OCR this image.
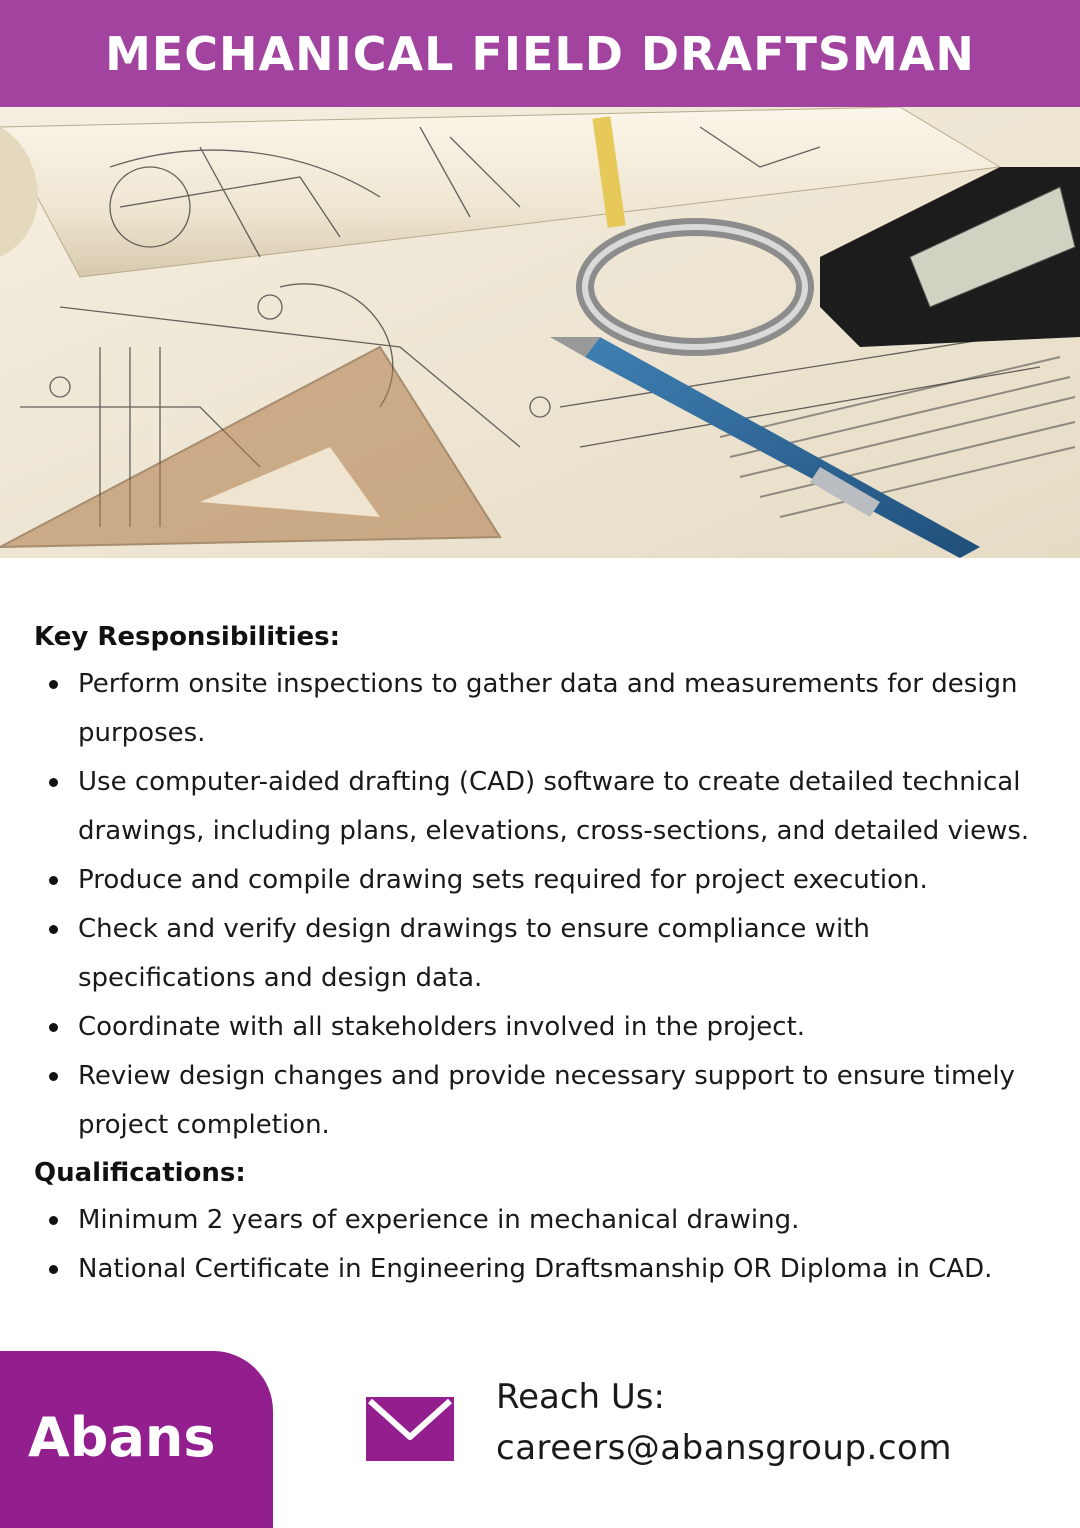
MECHANICAL FIELD DRAFTSMAN
Key Responsibilities:
Perform onsite inspections to gather data and measurements for design purposes.
Use computer-aided drafting (CAD) software to create detailed technical drawings, including plans, elevations, cross-sections, and detailed views.
Produce and compile drawing sets required for project execution.
Check and verify design drawings to ensure compliance with specifications and design data.
Coordinate with all stakeholders involved in the project.
Review design changes and provide necessary support to ensure timely project completion.
Qualifications:
Minimum 2 years of experience in mechanical drawing.
National Certificate in Engineering Draftsmanship OR Diploma in CAD.
Abans
Reach Us:
careers@abansgroup.com
